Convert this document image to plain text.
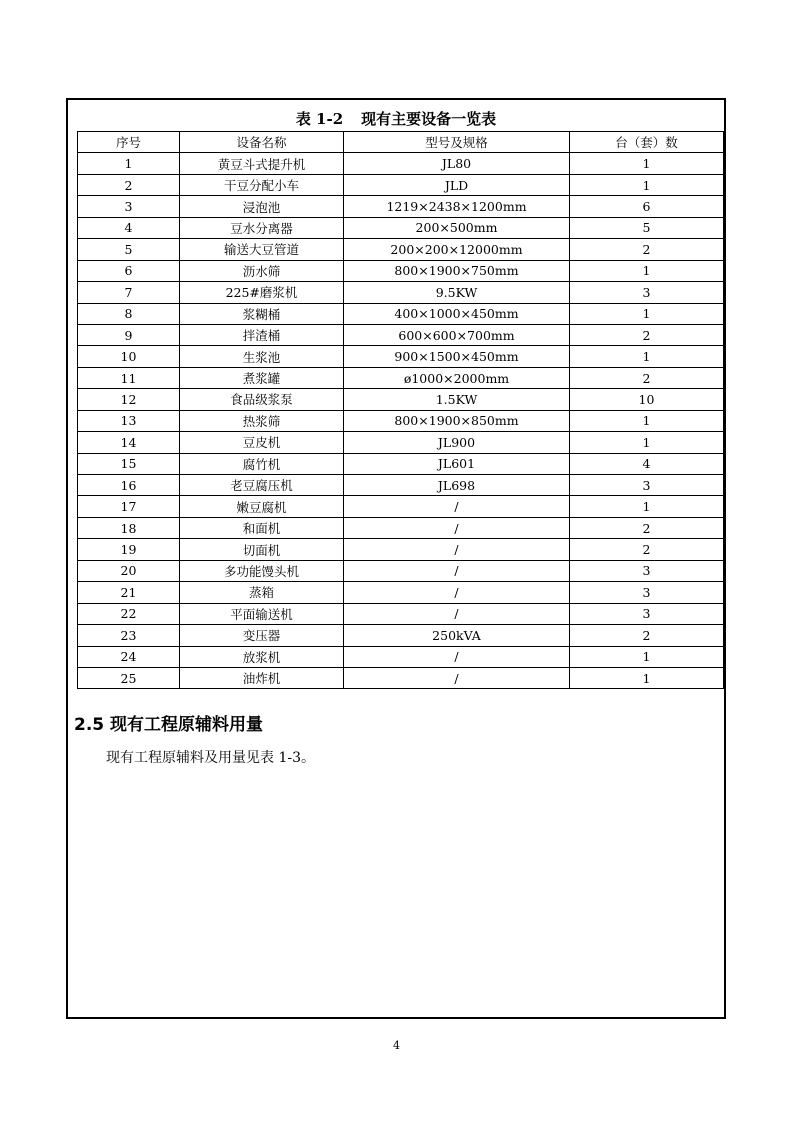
表 1-2 现有主要设备一览表
序号	设备名称	型号及规格	台（套）数
1	黄豆斗式提升机	JL80	1
2	干豆分配小车	JLD	1
3	浸泡池	1219×2438×1200mm	6
4	豆水分离器	200×500mm	5
5	输送大豆管道	200×200×12000mm	2
6	沥水筛	800×1900×750mm	1
7	225#磨浆机	9.5KW	3
8	浆糊桶	400×1000×450mm	1
9	拌渣桶	600×600×700mm	2
10	生浆池	900×1500×450mm	1
11	煮浆罐	ø1000×2000mm	2
12	食品级浆泵	1.5KW	10
13	热浆筛	800×1900×850mm	1
14	豆皮机	JL900	1
15	腐竹机	JL601	4
16	老豆腐压机	JL698	3
17	嫩豆腐机	/	1
18	和面机	/	2
19	切面机	/	2
20	多功能馒头机	/	3
21	蒸箱	/	3
22	平面输送机	/	3
23	变压器	250kVA	2
24	放浆机	/	1
25	油炸机	/	1
2.5 现有工程原辅料用量
现有工程原辅料及用量见表 1-3。
4
